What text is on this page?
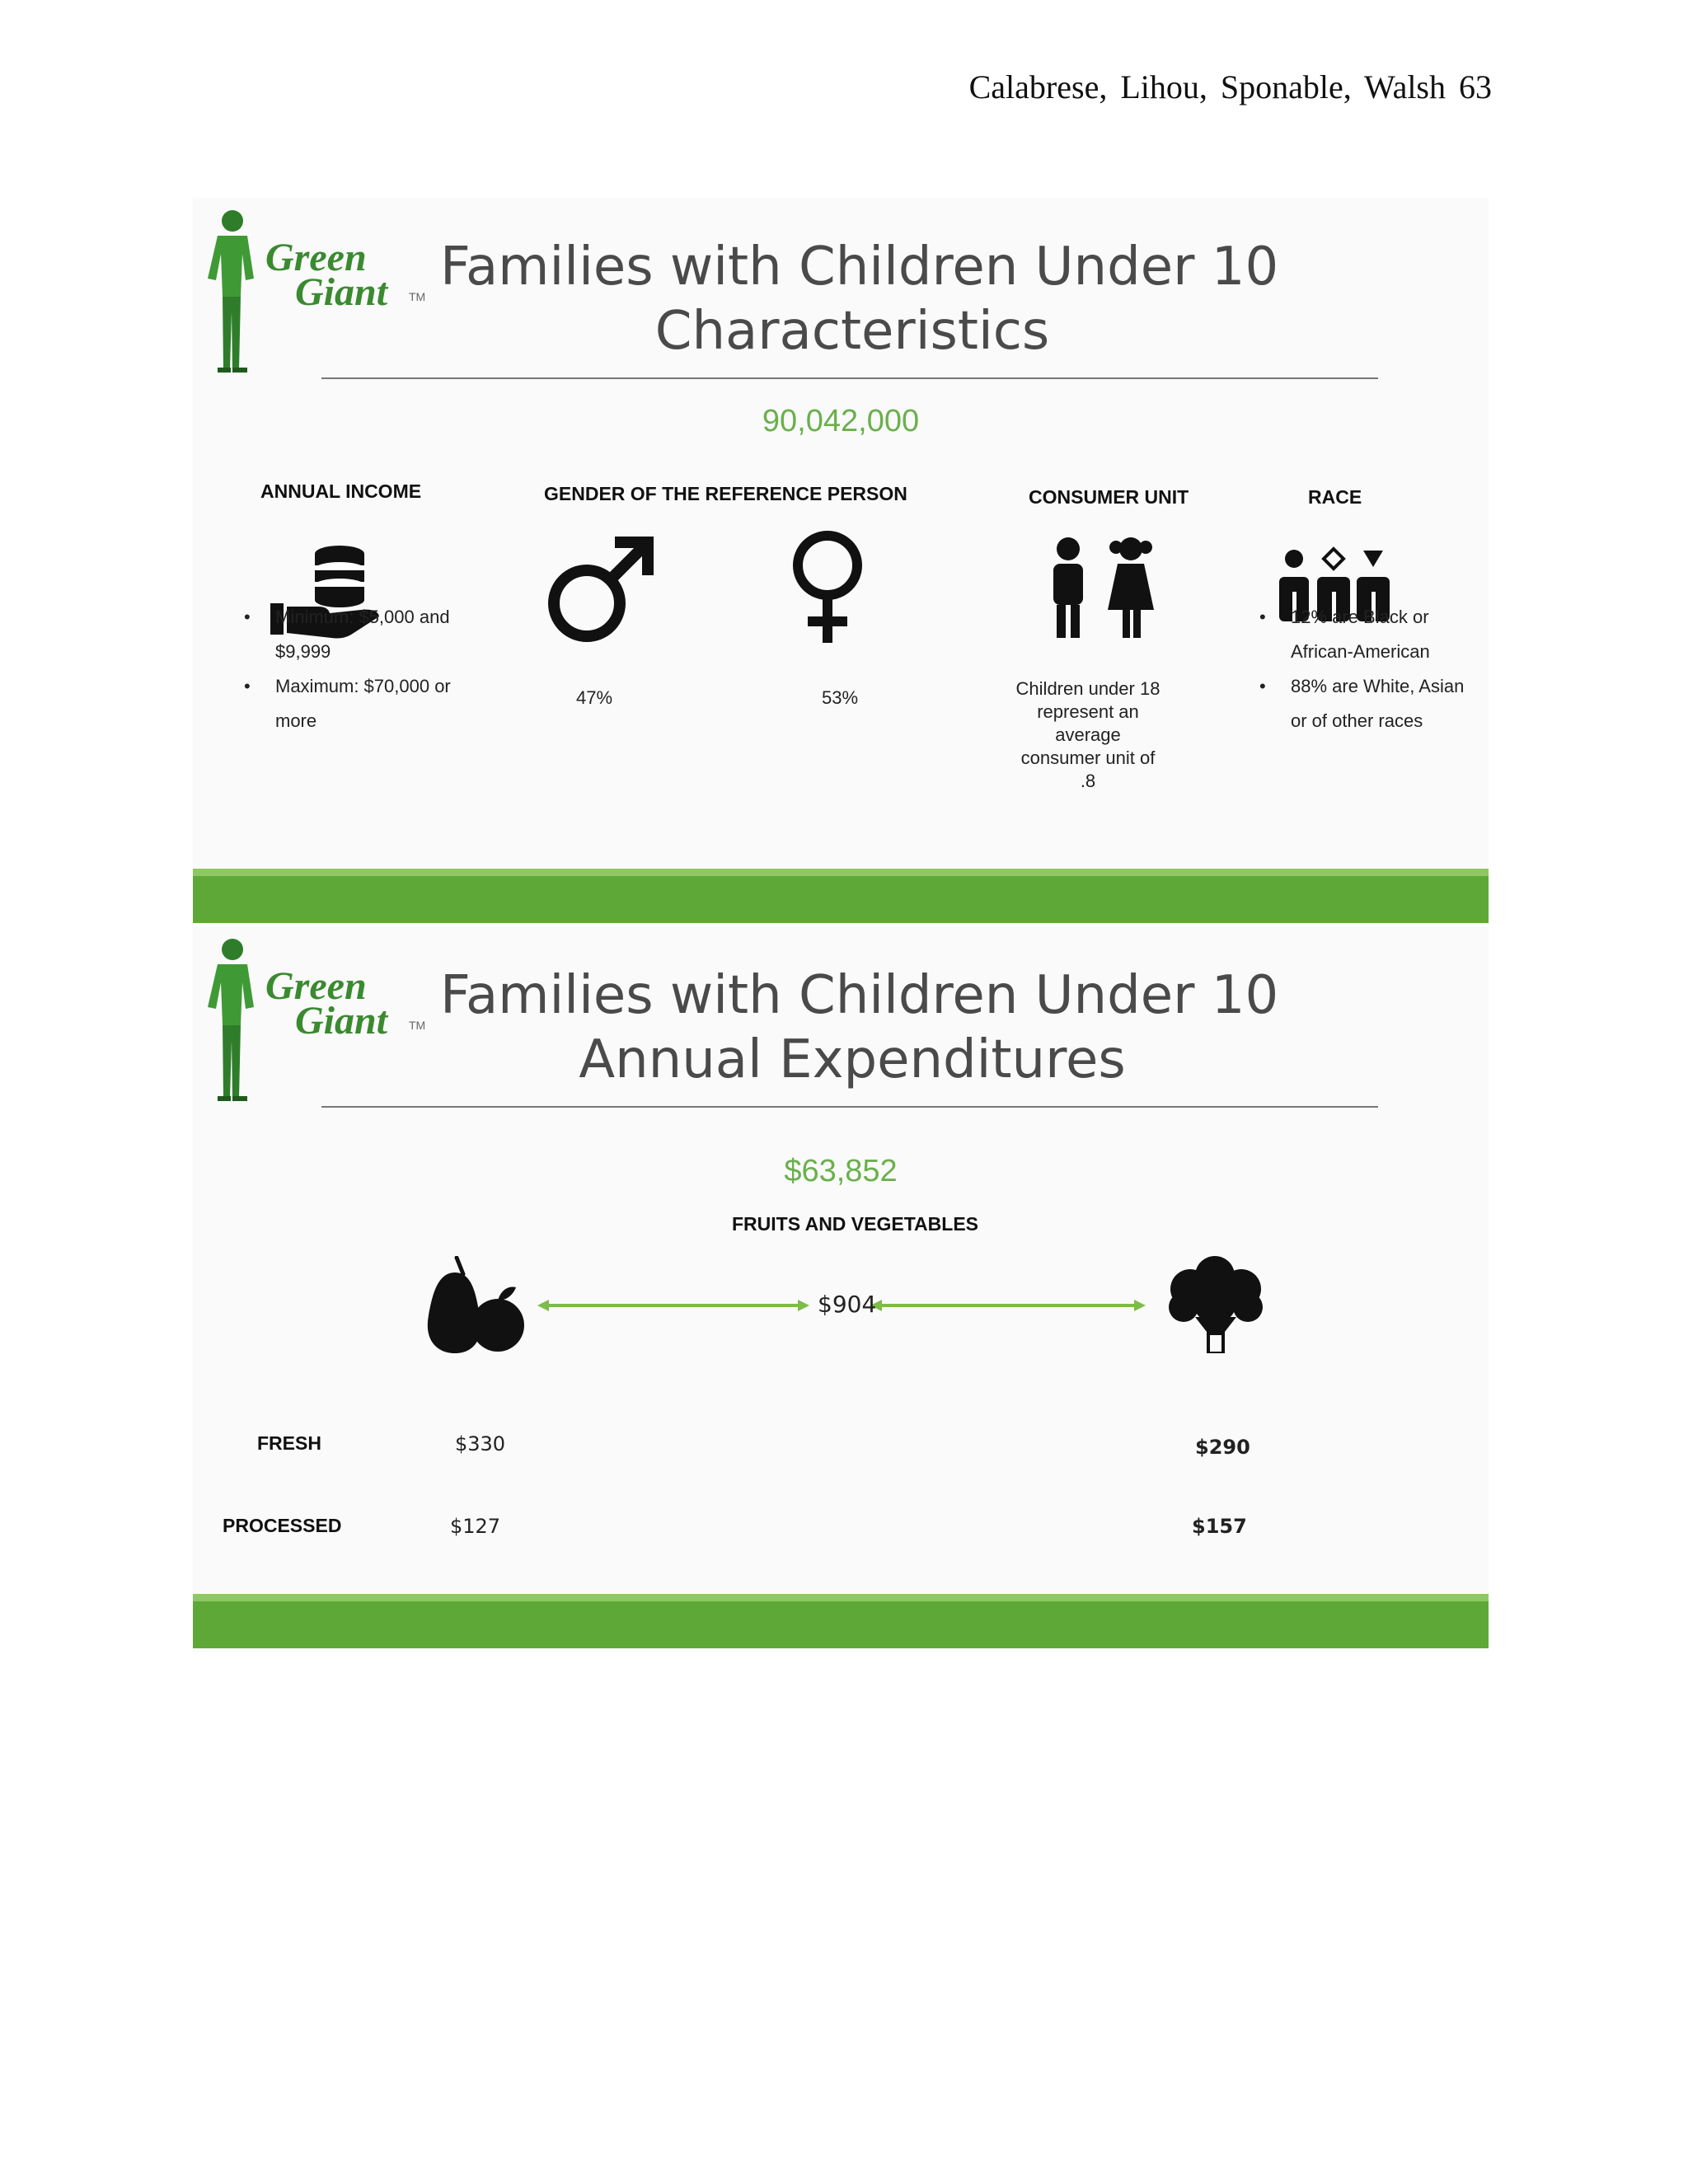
Calabrese, Lihou, Sponable, Walsh 63
Green
Giant TM Families with Children Under 10
Characteristics
90,042,000
ANNUAL INCOME
• Minimum: $5,000 and $9,999
• Maximum: $70,000 or more
GENDER OF THE REFERENCE PERSON
47%	53%
CONSUMER UNIT
Children under 18 represent an average consumer unit of .8
RACE
• 12% are Black or African-American
• 88% are White, Asian or of other races
Green
Giant TM Families with Children Under 10
Annual Expenditures
$63,852
FRUITS AND VEGETABLES
$904
FRESH	$330	$290
PROCESSED	$127	$157
